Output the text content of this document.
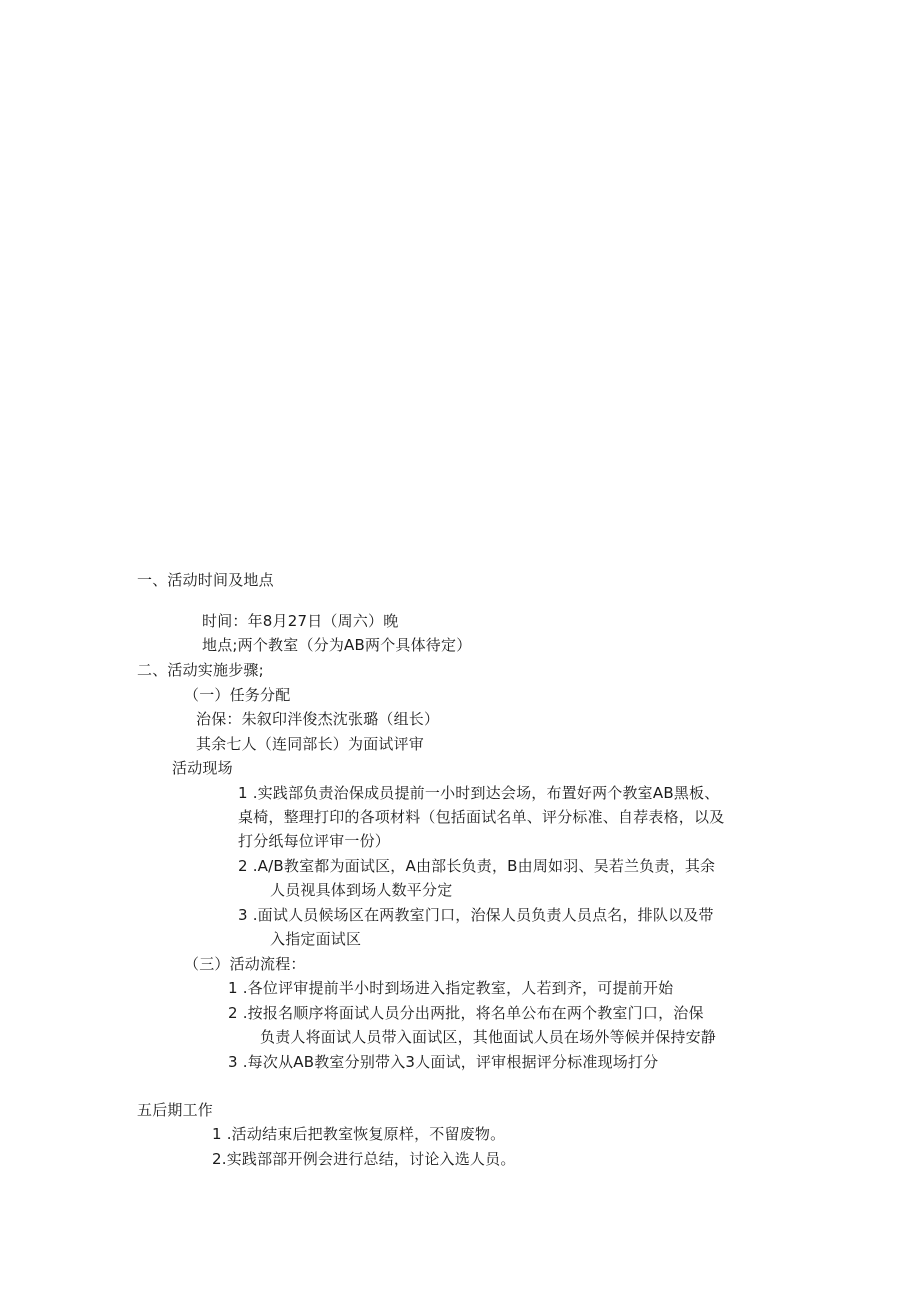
一、活动时间及地点
时间：年8月27日（周六）晚
地点;两个教室（分为AB两个具体待定）
二、活动实施步骤;
（一）任务分配
治保：朱叙印泮俊杰沈张璐（组长）
其余七人（连同部长）为面试评审
活动现场
1 .实践部负责治保成员提前一小时到达会场，布置好两个教室AB黑板、
桌椅，整理打印的各项材料（包括面试名单、评分标准、自荐表格，以及
打分纸每位评审一份）
2 .A/B教室都为面试区，A由部长负责，B由周如羽、吴若兰负责，其余
人员视具体到场人数平分定
3 .面试人员候场区在两教室门口，治保人员负责人员点名，排队以及带
入指定面试区
（三）活动流程：
1 .各位评审提前半小时到场进入指定教室，人若到齐，可提前开始
2 .按报名顺序将面试人员分出两批，将名单公布在两个教室门口，治保
负责人将面试人员带入面试区，其他面试人员在场外等候并保持安静
3 .每次从AB教室分别带入3人面试，评审根据评分标准现场打分
五后期工作
1 .活动结束后把教室恢复原样，不留废物。
2.实践部部开例会进行总结，讨论入选人员。
